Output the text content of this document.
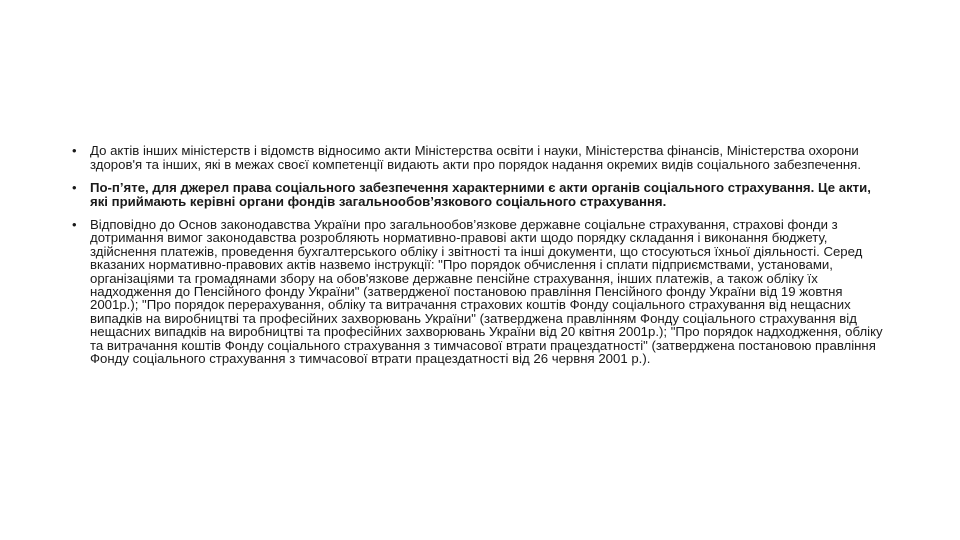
• До актів інших міністерств і відомств відносимо акти Міністерства освіти і науки, Міністерства фінансів, Міністерства охорони здоров'я та інших, які в межах своєї компетенції видають акти про порядок надання окремих видів соціального забезпечення.
• По-п’яте, для джерел права соціального забезпечення характерними є акти органів соціального страхування. Це акти, які приймають керівні органи фондів загальнообов’язкового соціального страхування.
• Відповідно до Основ законодавства України про загальнообов’язкове державне соціальне страхування, страхові фонди з дотримання вимог законодавства розробляють нормативно-правові акти щодо порядку складання і виконання бюджету, здійснення платежів, проведення бухгалтерського обліку і звітності та інші документи, що стосуються їхньої діяльності. Серед вказаних нормативно-правових актів назвемо інструкції: "Про порядок обчислення і сплати підприємствами, установами, організаціями та громадянами збору на обов'язкове державне пенсійне страхування, інших платежів, а також обліку їх надходження до Пенсійного фонду України" (затвердженої постановою правління Пенсійного фонду України від 19 жовтня 2001р.); "Про порядок перерахування, обліку та витрачання страхових коштів Фонду соціального страхування від нещасних випадків на виробництві та професійних захворювань України" (затверджена правлінням Фонду соціального страхування від нещасних випадків на виробництві та професійних захворювань України від 20 квітня 2001р.); "Про порядок надходження, обліку та витрачання коштів Фонду соціального страхування з тимчасової втрати працездатності" (затверджена постановою правління Фонду соціального страхування з тимчасової втрати працездатності від 26 червня 2001 р.).
